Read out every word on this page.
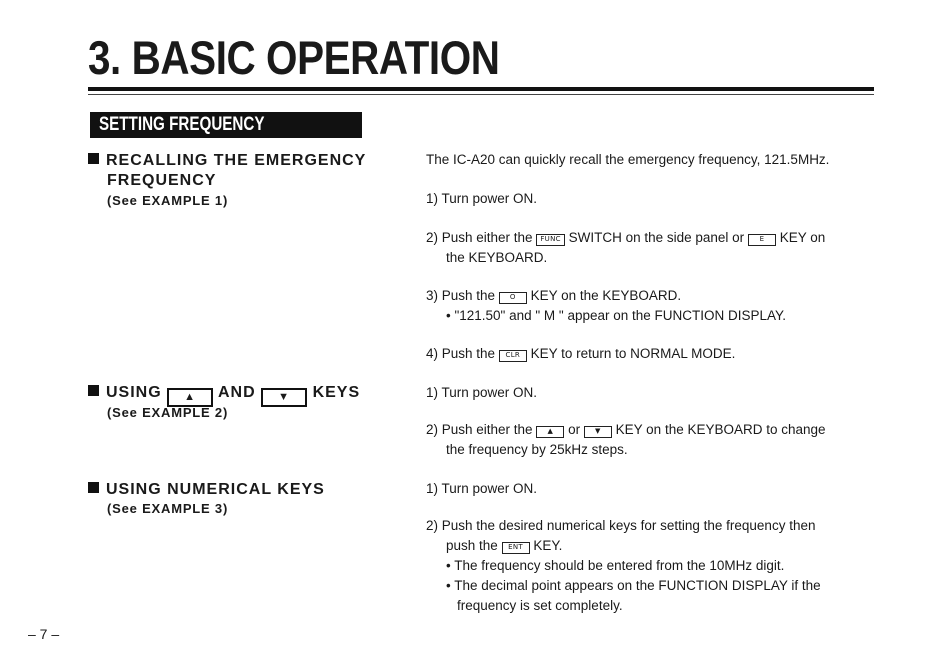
3. BASIC OPERATION
SETTING FREQUENCY
RECALLING THE EMERGENCY
FREQUENCY
(See EXAMPLE 1)
The IC-A20 can quickly recall the emergency frequency, 121.5MHz.
1) Turn power ON.
2) Push either the FUNC SWITCH on the side panel or E KEY on
the KEYBOARD.
3) Push the O KEY on the KEYBOARD.
• "121.50" and " M " appear on the FUNCTION DISPLAY.
4) Push the CLR KEY to return to NORMAL MODE.
USING ▲ AND ▼ KEYS
(See EXAMPLE 2)
1) Turn power ON.
2) Push either the ▲ or ▼ KEY on the KEYBOARD to change
the frequency by 25kHz steps.
USING NUMERICAL KEYS
(See EXAMPLE 3)
1) Turn power ON.
2) Push the desired numerical keys for setting the frequency then
push the ENT KEY.
• The frequency should be entered from the 10MHz digit.
• The decimal point appears on the FUNCTION DISPLAY if the
frequency is set completely.
– 7 –
